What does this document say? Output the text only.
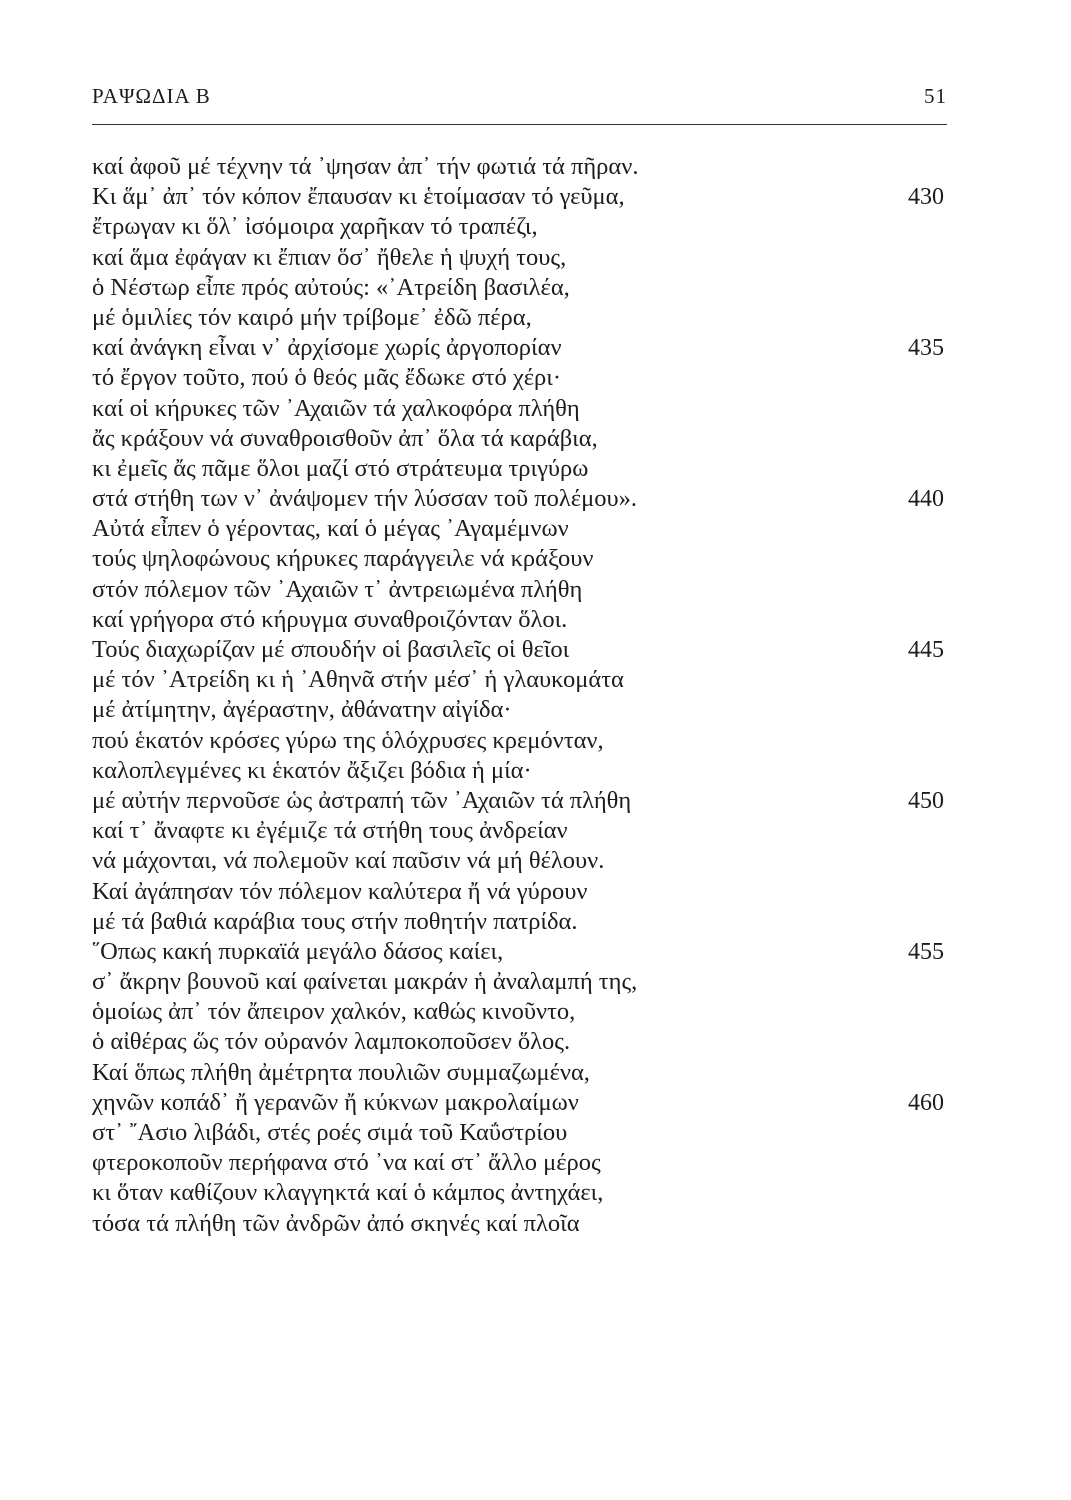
ΡΑΨΩΔΙΑ Β	51
καί ἀφοῦ μέ τέχνην τά ᾽ψησαν ἀπ᾽ τήν φωτιά τά πῆραν.
Κι ἅμ᾽ ἀπ᾽ τόν κόπον ἔπαυσαν κι ἑτοίμασαν τό γεῦμα,	430
ἔτρωγαν κι ὅλ᾽ ἰσόμοιρα χαρῆκαν τό τραπέζι,
καί ἅμα ἐφάγαν κι ἔπιαν ὅσ᾽ ἤθελε ἡ ψυχή τους,
ὁ Νέστωρ εἶπε πρός αὐτούς: «᾽Ατρείδη βασιλέα,
μέ ὁμιλίες τόν καιρό μήν τρίβομε᾽ ἐδῶ πέρα,
καί ἀνάγκη εἶναι ν᾽ ἀρχίσομε χωρίς ἀργοπορίαν	435
τό ἔργον τοῦτο, πού ὁ θεός μᾶς ἔδωκε στό χέρι·
καί οἱ κήρυκες τῶν ᾽Αχαιῶν τά χαλκοφόρα πλήθη
ἄς κράξουν νά συναθροισθοῦν ἀπ᾽ ὅλα τά καράβια,
κι ἐμεῖς ἄς πᾶμε ὅλοι μαζί στό στράτευμα τριγύρω
στά στήθη των ν᾽ ἀνάψομεν τήν λύσσαν τοῦ πολέμου».	440
Αὐτά εἶπεν ὁ γέροντας, καί ὁ μέγας ᾽Αγαμέμνων
τούς ψηλοφώνους κήρυκες παράγγειλε νά κράξουν
στόν πόλεμον τῶν ᾽Αχαιῶν τ᾽ ἀντρειωμένα πλήθη
καί γρήγορα στό κήρυγμα συναθροιζόνταν ὅλοι.
Τούς διαχωρίζαν μέ σπουδήν οἱ βασιλεῖς οἱ θεῖοι	445
μέ τόν ᾽Ατρείδη κι ἡ ᾽Αθηνᾶ στήν μέσ᾽ ἡ γλαυκομάτα
μέ ἀτίμητην, ἀγέραστην, ἀθάνατην αἰγίδα·
πού ἑκατόν κρόσες γύρω της ὁλόχρυσες κρεμόνταν,
καλοπλεγμένες κι ἑκατόν ἄξιζει βόδια ἡ μία·
μέ αὐτήν περνοῦσε ὡς ἀστραπή τῶν ᾽Αχαιῶν τά πλήθη	450
καί τ᾽ ἄναφτε κι ἐγέμιζε τά στήθη τους ἀνδρείαν
νά μάχονται, νά πολεμοῦν καί παῦσιν νά μή θέλουν.
Καί ἀγάπησαν τόν πόλεμον καλύτερα ἤ νά γύρουν
μέ τά βαθιά καράβια τους στήν ποθητήν πατρίδα.
῞Οπως κακή πυρκαϊά μεγάλο δάσος καίει,	455
σ᾽ ἄκρην βουνοῦ καί φαίνεται μακράν ἡ ἀναλαμπή της,
ὁμοίως ἀπ᾽ τόν ἄπειρον χαλκόν, καθώς κινοῦντο,
ὁ αἰθέρας ὥς τόν οὐρανόν λαμποκοποῦσεν ὅλος.
Καί ὅπως πλήθη ἀμέτρητα πουλιῶν συμμαζωμένα,
χηνῶν κοπάδ᾽ ἤ γερανῶν ἤ κύκνων μακρολαίμων	460
στ᾽ ῎Ασιο λιβάδι, στές ροές σιμά τοῦ Καΰστρίου
φτεροκοποῦν περήφανα στό ᾽να καί στ᾽ ἄλλο μέρος
κι ὅταν καθίζουν κλαγγηκτά καί ὁ κάμπος ἀντηχάει,
τόσα τά πλήθη τῶν ἀνδρῶν ἀπό σκηνές καί πλοῖα
